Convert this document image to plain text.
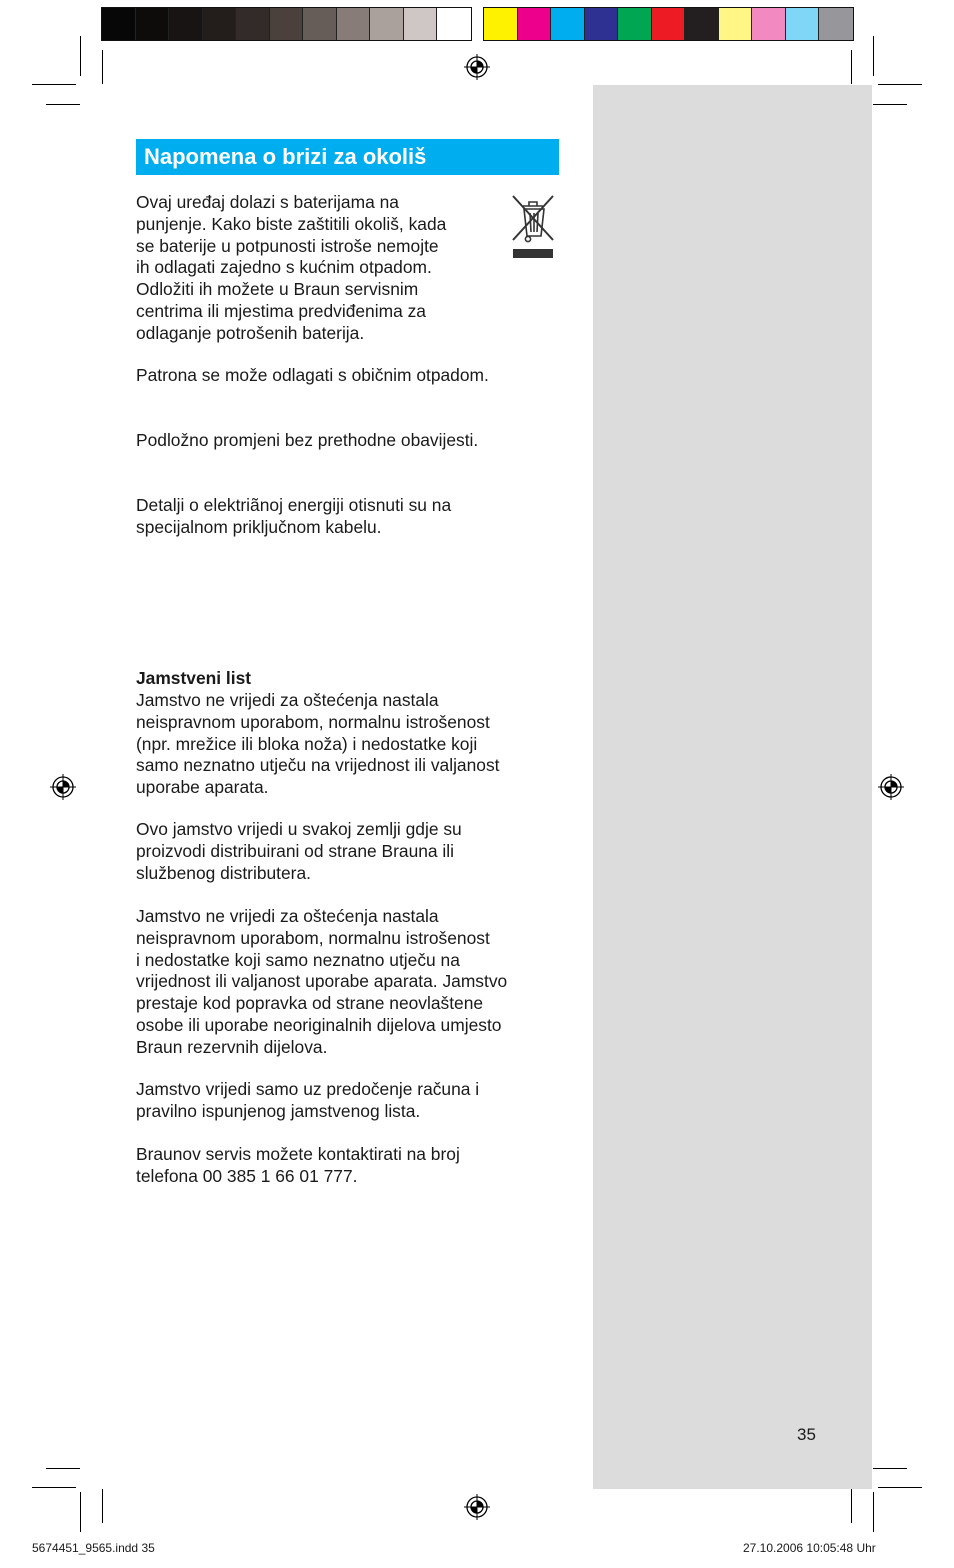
Napomena o brizi za okoliš

Ovaj uređaj dolazi s baterijama na
punjenje. Kako biste zaštitili okoliš, kada
se baterije u potpunosti istroše nemojte
ih odlagati zajedno s kućnim otpadom.
Odložiti ih možete u Braun servisnim
centrima ili mjestima predviđenima za
odlaganje potrošenih baterija.

Patrona se može odlagati s običnim otpadom.

Podložno promjeni bez prethodne obavijesti.

Detalji o elektriãnoj energiji otisnuti su na
specijalnom priključnom kabelu.

Jamstveni list

Jamstvo ne vrijedi za oštećenja nastala
neispravnom uporabom, normalnu istrošenost
(npr. mrežice ili bloka noža) i nedostatke koji
samo neznatno utječu na vrijednost ili valjanost
uporabe aparata.

Ovo jamstvo vrijedi u svakoj zemlji gdje su
proizvodi distribuirani od strane Brauna ili
službenog distributera.

Jamstvo ne vrijedi za oštećenja nastala
neispravnom uporabom, normalnu istrošenost
i nedostatke koji samo neznatno utječu na
vrijednost ili valjanost uporabe aparata. Jamstvo
prestaje kod popravka od strane neovlaštene
osobe ili uporabe neoriginalnih dijelova umjesto
Braun rezervnih dijelova.

Jamstvo vrijedi samo uz predočenje računa i
pravilno ispunjenog jamstvenog lista.

Braunov servis možete kontaktirati na broj
telefona 00 385 1 66 01 777.

35
5674451_9565.indd 35	27.10.2006 10:05:48 Uhr
